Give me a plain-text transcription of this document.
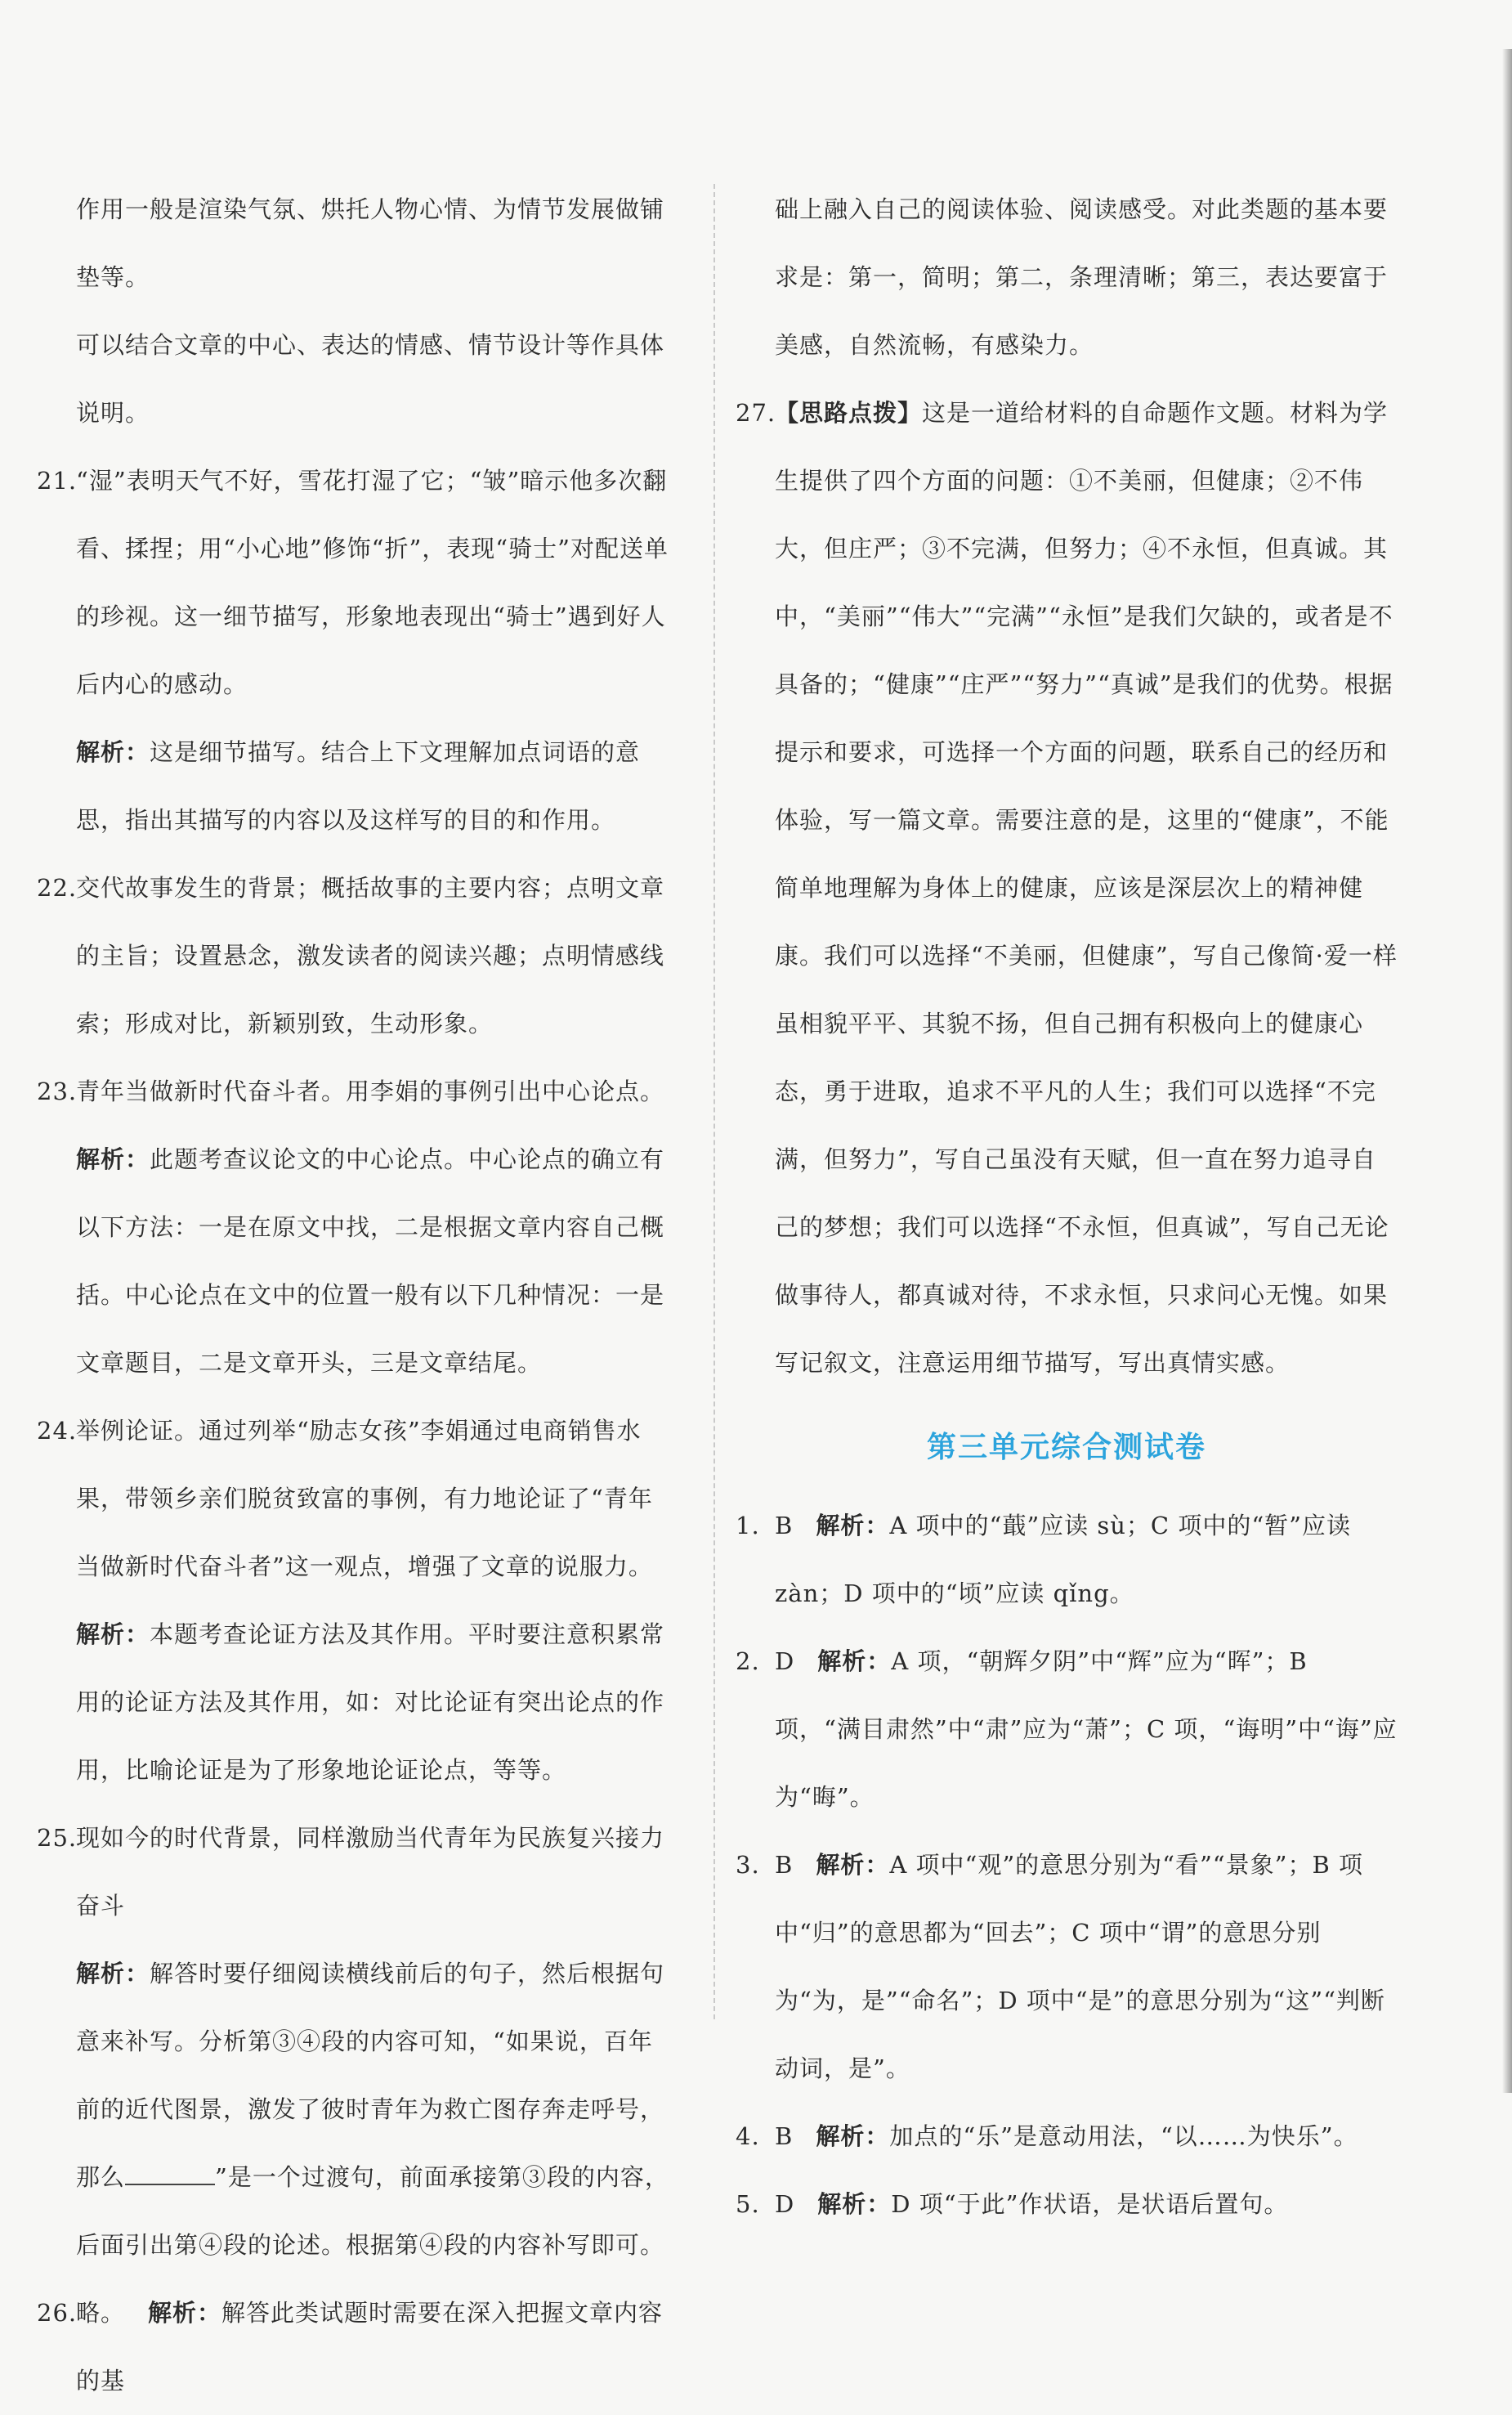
作用一般是渲染气氛、烘托人物心情、为情节发展做铺垫等。

可以结合文章的中心、表达的情感、情节设计等作具体说明。

21.
“湿”表明天气不好，雪花打湿了它；“皱”暗示他多次翻看、揉捏；用“小心地”修饰“折”，表现“骑士”对配送单的珍视。这一细节描写，形象地表现出“骑士”遇到好人后内心的感动。

解析：这是细节描写。结合上下文理解加点词语的意思，指出其描写的内容以及这样写的目的和作用。

22.
交代故事发生的背景；概括故事的主要内容；点明文章的主旨；设置悬念，激发读者的阅读兴趣；点明情感线索；形成对比，新颖别致，生动形象。

23.
青年当做新时代奋斗者。用李娟的事例引出中心论点。

解析：此题考查议论文的中心论点。中心论点的确立有以下方法：一是在原文中找，二是根据文章内容自己概括。中心论点在文中的位置一般有以下几种情况：一是文章题目，二是文章开头，三是文章结尾。

24.
举例论证。通过列举“励志女孩”李娟通过电商销售水果，带领乡亲们脱贫致富的事例，有力地论证了“青年当做新时代奋斗者”这一观点，增强了文章的说服力。

解析：本题考查论证方法及其作用。平时要注意积累常用的论证方法及其作用，如：对比论证有突出论点的作用，比喻论证是为了形象地论证论点，等等。

25.
现如今的时代背景，同样激励当代青年为民族复兴接力奋斗

解析：解答时要仔细阅读横线前后的句子，然后根据句意来补写。分析第③④段的内容可知，“如果说，百年前的近代图景，激发了彼时青年为救亡图存奔走呼号，那么	”是一个过渡句，前面承接第③段的内容，后面引出第④段的论述。根据第④段的内容补写即可。

26.
略。 解析：解答此类试题时需要在深入把握文章内容的基

础上融入自己的阅读体验、阅读感受。对此类题的基本要求是：第一，简明；第二，条理清晰；第三，表达要富于美感，自然流畅，有感染力。

27.
【思路点拨】这是一道给材料的自命题作文题。材料为学生提供了四个方面的问题：①不美丽，但健康；②不伟大，但庄严；③不完满，但努力；④不永恒，但真诚。其中，“美丽”“伟大”“完满”“永恒”是我们欠缺的，或者是不具备的；“健康”“庄严”“努力”“真诚”是我们的优势。根据提示和要求，可选择一个方面的问题，联系自己的经历和体验，写一篇文章。需要注意的是，这里的“健康”，不能简单地理解为身体上的健康，应该是深层次上的精神健康。我们可以选择“不美丽，但健康”，写自己像简·爱一样虽相貌平平、其貌不扬，但自己拥有积极向上的健康心态，勇于进取，追求不平凡的人生；我们可以选择“不完满，但努力”，写自己虽没有天赋，但一直在努力追寻自己的梦想；我们可以选择“不永恒，但真诚”，写自己无论做事待人，都真诚对待，不求永恒，只求问心无愧。如果写记叙文，注意运用细节描写，写出真情实感。

第三单元综合测试卷

1. B 解析：A 项中的“蕺”应读 sù；C 项中的“暂”应读 zàn；D 项中的“顷”应读 qǐng。

2. D 解析：A 项，“朝辉夕阴”中“辉”应为“晖”；B 项，“满目肃然”中“肃”应为“萧”；C 项，“诲明”中“诲”应为“晦”。

3. B 解析：A 项中“观”的意思分别为“看”“景象”；B 项中“归”的意思都为“回去”；C 项中“谓”的意思分别为“为，是”“命名”；D 项中“是”的意思分别为“这”“判断动词，是”。

4. B 解析：加点的“乐”是意动用法，“以……为快乐”。

5. D 解析：D 项“于此”作状语，是状语后置句。
